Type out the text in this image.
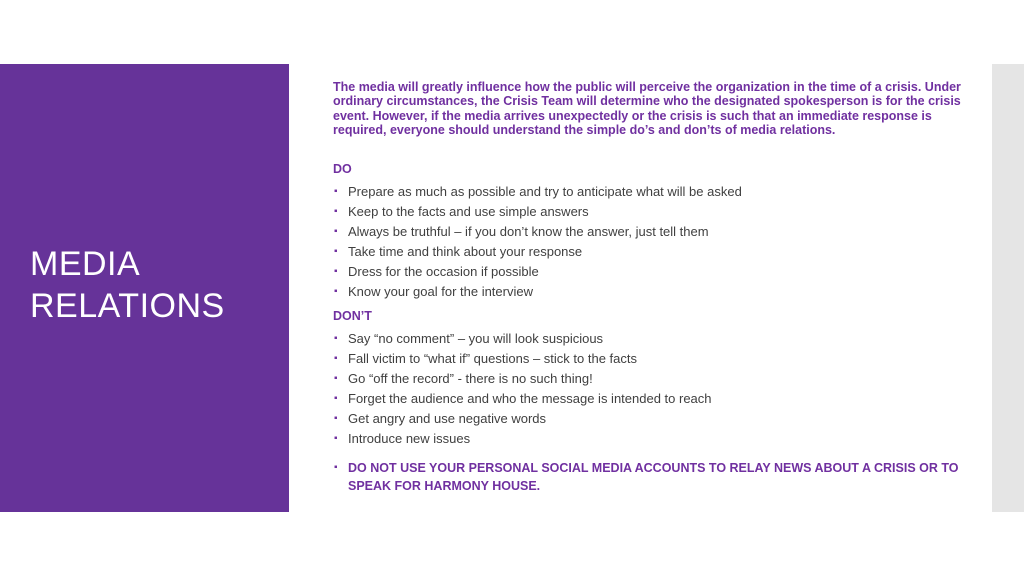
MEDIA
RELATIONS

The media will greatly influence how the public will perceive the organization in the time of a crisis. Under ordinary circumstances, the Crisis Team will determine who the designated spokesperson is for the crisis event. However, if the media arrives unexpectedly or the crisis is such that an immediate response is required, everyone should understand the simple do’s and don’ts of media relations.

DO
▪ Prepare as much as possible and try to anticipate what will be asked
▪ Keep to the facts and use simple answers
▪ Always be truthful – if you don’t know the answer, just tell them
▪ Take time and think about your response
▪ Dress for the occasion if possible
▪ Know your goal for the interview
DON’T
▪ Say “no comment” – you will look suspicious
▪ Fall victim to “what if” questions – stick to the facts
▪ Go “off the record” - there is no such thing!
▪ Forget the audience and who the message is intended to reach
▪ Get angry and use negative words
▪ Introduce new issues
▪ DO NOT USE YOUR PERSONAL SOCIAL MEDIA ACCOUNTS TO RELAY NEWS ABOUT A CRISIS OR TO SPEAK FOR HARMONY HOUSE.
